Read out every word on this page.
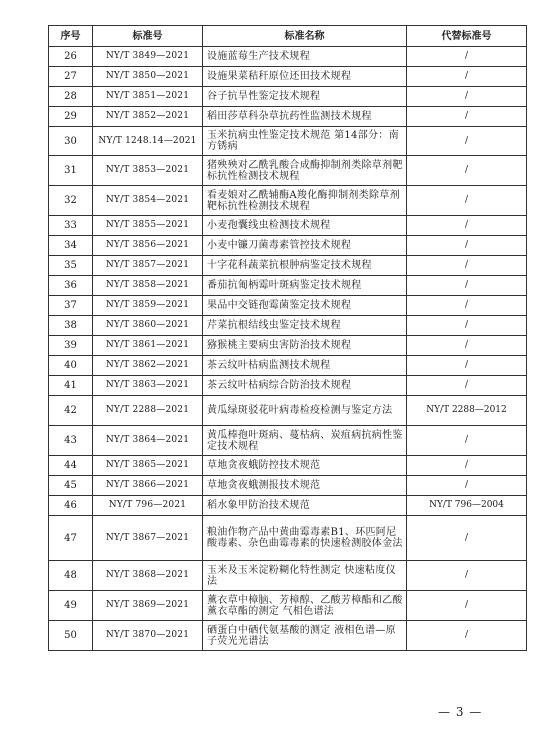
序号	标准号	标准名称	代替标准号
26	NY/T 3849—2021	设施蓝莓生产技术规程	/
27	NY/T 3850—2021	设施果菜秸秆原位还田技术规程	/
28	NY/T 3851—2021	谷子抗旱性鉴定技术规程	/
29	NY/T 3852—2021	稻田莎草科杂草抗药性监测技术规程	/
30	NY/T 1248.14—2021	玉米抗病虫性鉴定技术规范 第14部分：南方锈病	/
31	NY/T 3853—2021	猪殃殃对乙酰乳酸合成酶抑制剂类除草剂靶标抗性检测技术规程	/
32	NY/T 3854—2021	看麦娘对乙酰辅酶A羧化酶抑制剂类除草剂靶标抗性检测技术规程	/
33	NY/T 3855—2021	小麦孢囊线虫检测技术规程	/
34	NY/T 3856—2021	小麦中镰刀菌毒素管控技术规程	/
35	NY/T 3857—2021	十字花科蔬菜抗根肿病鉴定技术规程	/
36	NY/T 3858—2021	番茄抗匍柄霉叶斑病鉴定技术规程	/
37	NY/T 3859—2021	果品中交链孢霉菌鉴定技术规程	/
38	NY/T 3860—2021	芹菜抗根结线虫鉴定技术规程	/
39	NY/T 3861—2021	猕猴桃主要病虫害防治技术规程	/
40	NY/T 3862—2021	茶云纹叶枯病监测技术规程	/
41	NY/T 3863—2021	茶云纹叶枯病综合防治技术规程	/
42	NY/T 2288—2021	黄瓜绿斑驳花叶病毒检疫检测与鉴定方法	NY/T 2288—2012
43	NY/T 3864—2021	黄瓜棒孢叶斑病、蔓枯病、炭疽病抗病性鉴定技术规程	/
44	NY/T 3865—2021	草地贪夜蛾防控技术规范	/
45	NY/T 3866—2021	草地贪夜蛾测报技术规范	/
46	NY/T 796—2021	稻水象甲防治技术规范	NY/T 796—2004
47	NY/T 3867—2021	粮油作物产品中黄曲霉毒素B1、环匹阿尼酸毒素、杂色曲霉毒素的快速检测胶体金法	/
48	NY/T 3868—2021	玉米及玉米淀粉糊化特性测定 快速粘度仪法	/
49	NY/T 3869—2021	薰衣草中樟脑、芳樟醇、乙酸芳樟酯和乙酸薰衣草酯的测定 气相色谱法	/
50	NY/T 3870—2021	硒蛋白中硒代氨基酸的测定 液相色谱—原子荧光光谱法	/
— 3 —
